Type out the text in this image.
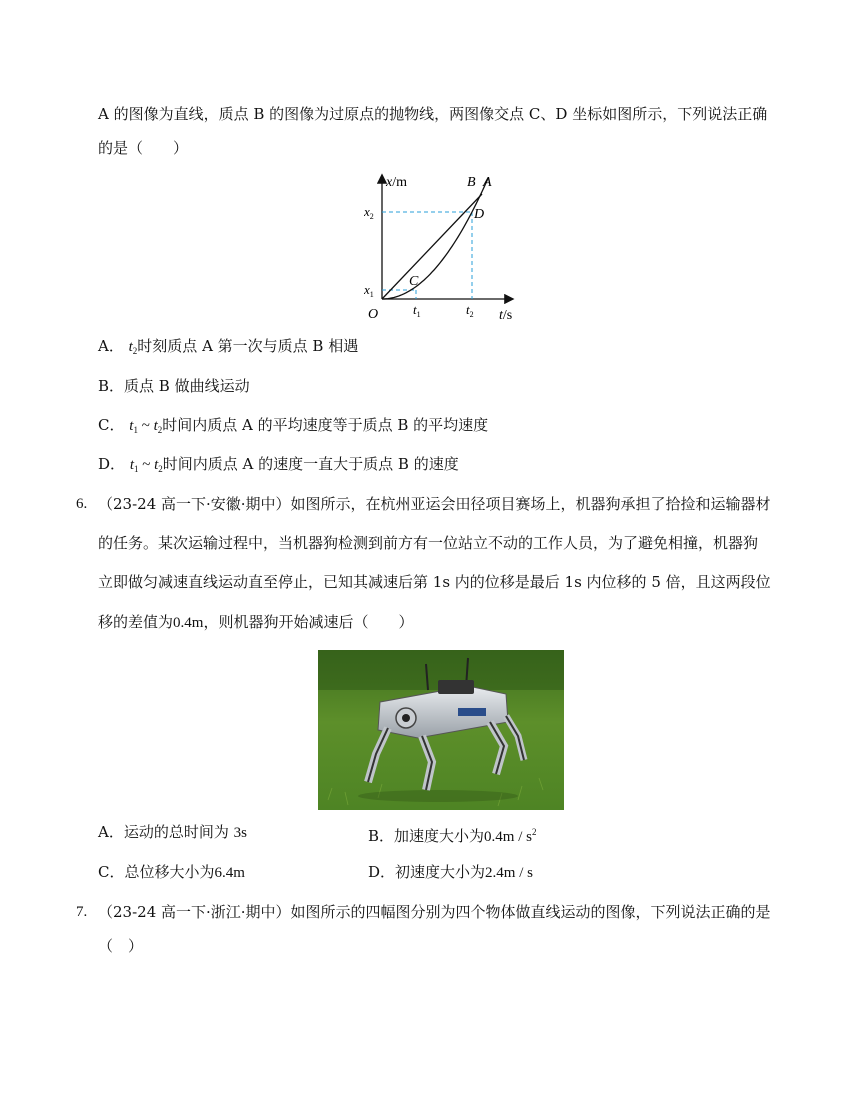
A 的图像为直线，质点 B 的图像为过原点的抛物线，两图像交点 C、D 坐标如图所示，下列说法正确
的是（　　）
x/m
t/s
O
$x_2$
$x_1$
$t_1$	$t_2$
B A
C
D
A． $t_2$时刻质点 A 第一次与质点 B 相遇
B．质点 B 做曲线运动
C． $t_1$ ~ $t_2$时间内质点 A 的平均速度等于质点 B 的平均速度
D． $t_1$ ~ $t_2$时间内质点 A 的速度一直大于质点 B 的速度
6. （23-24 高一下·安徽·期中）如图所示，在杭州亚运会田径项目赛场上，机器狗承担了拾捡和运输器材
的任务。某次运输过程中，当机器狗检测到前方有一位站立不动的工作人员，为了避免相撞，机器狗
立即做匀减速直线运动直至停止，已知其减速后第 1s 内的位移是最后 1s 内位移的 5 倍，且这两段位
移的差值为0.4m，则机器狗开始减速后（　　）
A．运动的总时间为 3s	B．加速度大小为$0.4m / s^2$
C．总位移大小为6.4m	D．初速度大小为2.4m / s
7. （23-24 高一下·浙江·期中）如图所示的四幅图分别为四个物体做直线运动的图像，下列说法正确的是
（　）
